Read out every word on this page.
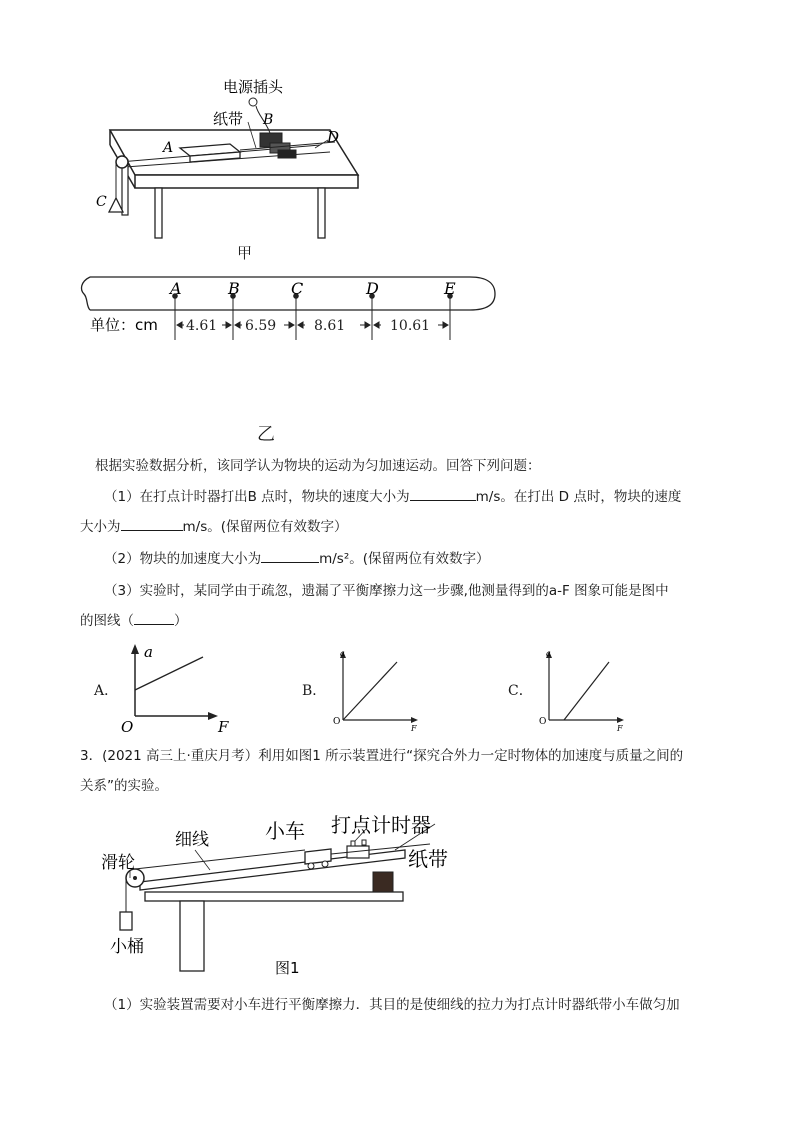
电源插头
纸带 B
A
D
C
甲
A	B	C	D	E
单位：cm 4.61 6.59	8.61	10.61
乙
根据实验数据分析，该同学认为物块的运动为匀加速运动。回答下列问题：
（1）在打点计时器打出B 点时，物块的速度大小为	m/s。在打出 D 点时，物块的速度
大小为	m/s。(保留两位有效数字）
（2）物块的加速度大小为	m/s²。(保留两位有效数字）
（3）实验时，某同学由于疏忽，遗漏了平衡摩擦力这一步骤,他测量得到的a-F 图象可能是图中
的图线（	）
A．
a
F
O
B．
a
F
O
C．
a
F
O
3．(2021 高三上·重庆月考）利用如图1 所示装置进行“探究合外力一定时物体的加速度与质量之间的
关系”的实验。
细线	小车 打点计时器
滑轮	纸带
小桶
图1
（1）实验装置需要对小车进行平衡摩擦力．其目的是使细线的拉力为打点计时器纸带小车做匀加
